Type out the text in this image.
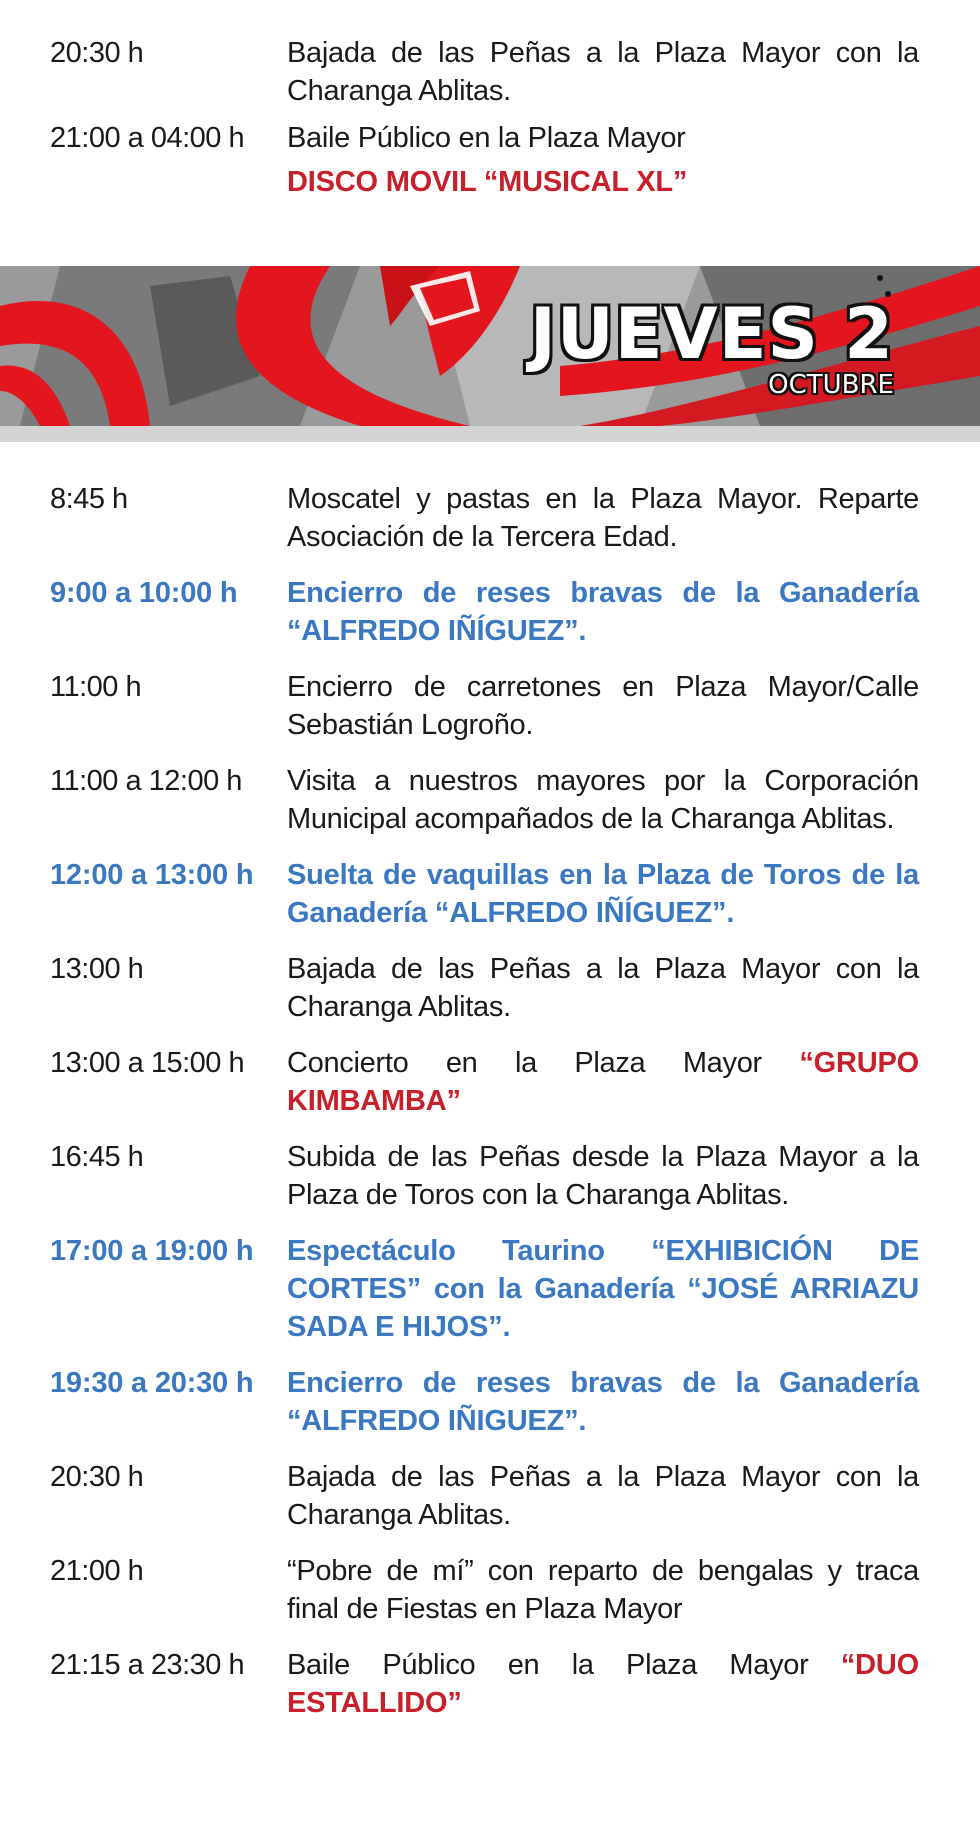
20:30 h	Bajada de las Peñas a la Plaza Mayor con la Charanga Ablitas.
21:00 a 04:00 h Baile Público en la Plaza Mayor
DISCO MOVIL “MUSICAL XL”
JUEVES 2
OCTUBRE
8:45 h	Moscatel y pastas en la Plaza Mayor. Reparte Asociación de la Tercera Edad.
9:00 a 10:00 h Encierro de reses bravas de la Ganadería “ALFREDO IÑÍGUEZ”.
11:00 h	Encierro de carretones en Plaza Mayor/Calle Sebastián Logroño.
11:00 a 12:00 h Visita a nuestros mayores por la Corporación Municipal acompañados de la Charanga Ablitas.
12:00 a 13:00 h Suelta de vaquillas en la Plaza de Toros de la Ganadería “ALFREDO IÑÍGUEZ”.
13:00 h	Bajada de las Peñas a la Plaza Mayor con la Charanga Ablitas.
13:00 a 15:00 h Concierto en la Plaza Mayor “GRUPO KIMBAMBA”
16:45 h	Subida de las Peñas desde la Plaza Mayor a la Plaza de Toros con la Charanga Ablitas.
17:00 a 19:00 h Espectáculo Taurino “EXHIBICIÓN DE CORTES” con la Ganadería “JOSÉ ARRIAZU SADA E HIJOS”.
19:30 a 20:30 h Encierro de reses bravas de la Ganadería “ALFREDO IÑIGUEZ”.
20:30 h	Bajada de las Peñas a la Plaza Mayor con la Charanga Ablitas.
21:00 h	“Pobre de mí” con reparto de bengalas y traca final de Fiestas en Plaza Mayor
21:15 a 23:30 h Baile Público en la Plaza Mayor “DUO ESTALLIDO”
